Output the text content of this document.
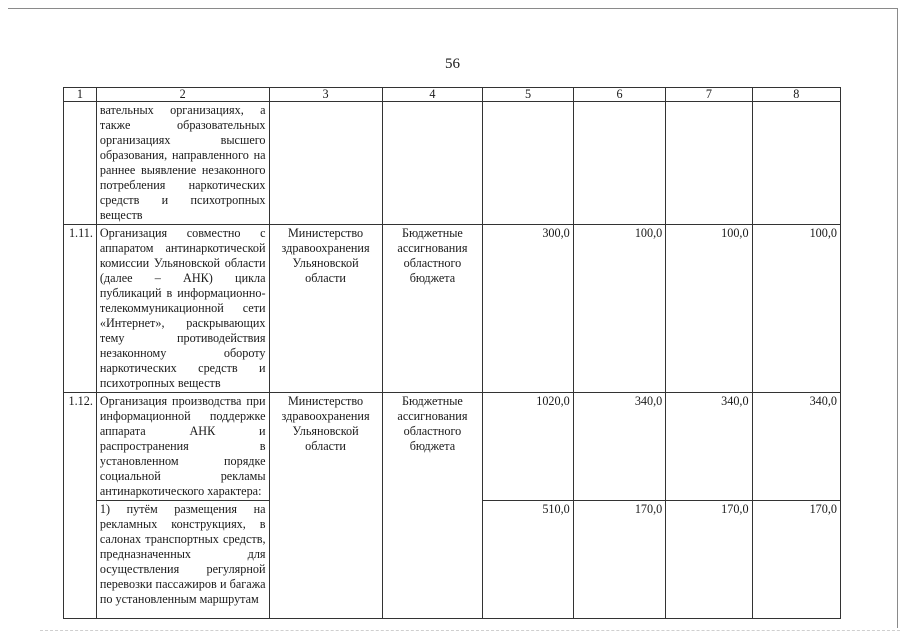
56
1	2	3	4	5	6	7	8
	вательных организациях, а также образовательных организациях высшего образования, направленного на раннее выявление незаконного потребления наркотических средств и психотропных веществ						
1.11.	Организация совместно с аппаратом антинаркотической комиссии Ульяновской области (далее – АНК) цикла публикаций в информационно-телекоммуникационной сети «Интернет», раскрывающих тему противодействия незаконному обороту наркотических средств и психотропных веществ	Министерство здравоохранения Ульяновской области	Бюджетные ассигнования областного бюджета	300,0	100,0	100,0	100,0
1.12.	Организация производства при информационной поддержке аппарата АНК и распространения в установленном порядке социальной рекламы антинаркотического характера:	Министерство здравоохранения Ульяновской области	Бюджетные ассигнования областного бюджета	1020,0	340,0	340,0	340,0
	1) путём размещения на рекламных конструкциях, в салонах транспортных средств, предназначенных для осуществления регулярной перевозки пассажиров и багажа по установленным маршрутам			510,0	170,0	170,0	170,0
